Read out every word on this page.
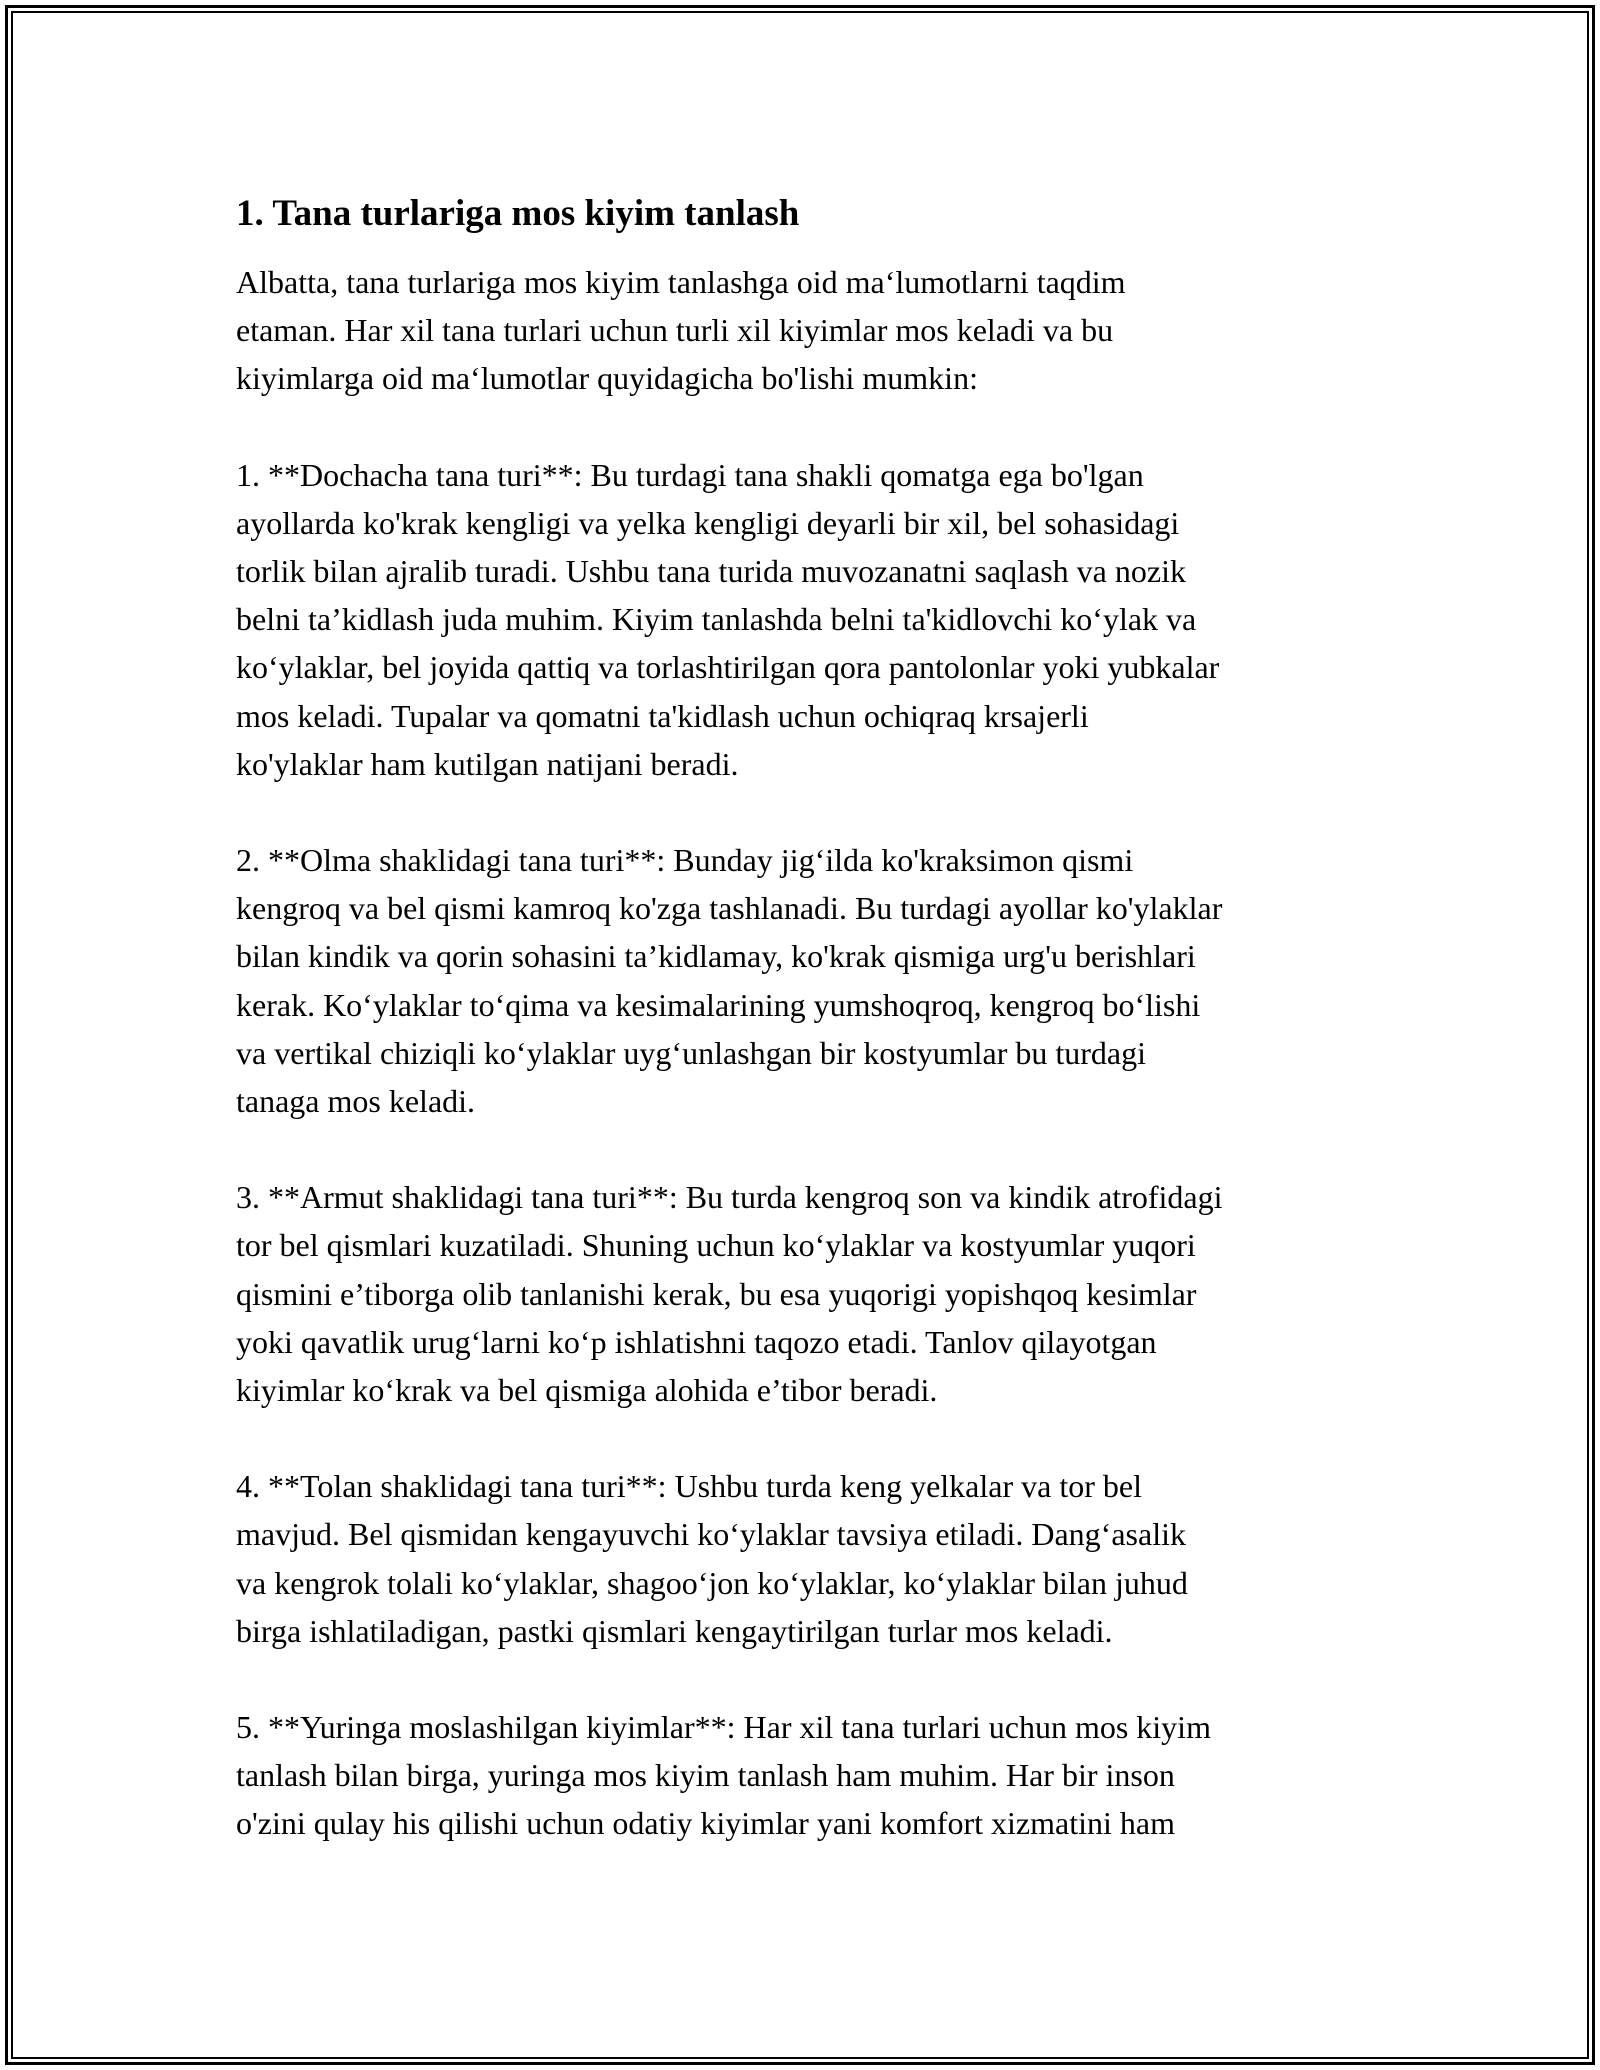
1. Tana turlariga mos kiyim tanlash
Albatta, tana turlariga mos kiyim tanlashga oid ma‘lumotlarni taqdim
etaman. Har xil tana turlari uchun turli xil kiyimlar mos keladi va bu
kiyimlarga oid ma‘lumotlar quyidagicha bo'lishi mumkin:
1. **Dochacha tana turi**: Bu turdagi tana shakli qomatga ega bo'lgan
ayollarda ko'krak kengligi va yelka kengligi deyarli bir xil, bel sohasidagi
torlik bilan ajralib turadi. Ushbu tana turida muvozanatni saqlash va nozik
belni ta’kidlash juda muhim. Kiyim tanlashda belni ta'kidlovchi ko‘ylak va
ko‘ylaklar, bel joyida qattiq va torlashtirilgan qora pantolonlar yoki yubkalar
mos keladi. Tupalar va qomatni ta'kidlash uchun ochiqraq krsajerli
ko'ylaklar ham kutilgan natijani beradi.
2. **Olma shaklidagi tana turi**: Bunday jig‘ilda ko'kraksimon qismi
kengroq va bel qismi kamroq ko'zga tashlanadi. Bu turdagi ayollar ko'ylaklar
bilan kindik va qorin sohasini ta’kidlamay, ko'krak qismiga urg'u berishlari
kerak. Ko‘ylaklar to‘qima va kesimalarining yumshoqroq, kengroq bo‘lishi
va vertikal chiziqli ko‘ylaklar uyg‘unlashgan bir kostyumlar bu turdagi
tanaga mos keladi.
3. **Armut shaklidagi tana turi**: Bu turda kengroq son va kindik atrofidagi
tor bel qismlari kuzatiladi. Shuning uchun ko‘ylaklar va kostyumlar yuqori
qismini e’tiborga olib tanlanishi kerak, bu esa yuqorigi yopishqoq kesimlar
yoki qavatlik urug‘larni ko‘p ishlatishni taqozo etadi. Tanlov qilayotgan
kiyimlar ko‘krak va bel qismiga alohida e’tibor beradi.
4. **Tolan shaklidagi tana turi**: Ushbu turda keng yelkalar va tor bel
mavjud. Bel qismidan kengayuvchi ko‘ylaklar tavsiya etiladi. Dang‘asalik
va kengrok tolali ko‘ylaklar, shagoo‘jon ko‘ylaklar, ko‘ylaklar bilan juhud
birga ishlatiladigan, pastki qismlari kengaytirilgan turlar mos keladi.
5. **Yuringa moslashilgan kiyimlar**: Har xil tana turlari uchun mos kiyim
tanlash bilan birga, yuringa mos kiyim tanlash ham muhim. Har bir inson
o'zini qulay his qilishi uchun odatiy kiyimlar yani komfort xizmatini ham
